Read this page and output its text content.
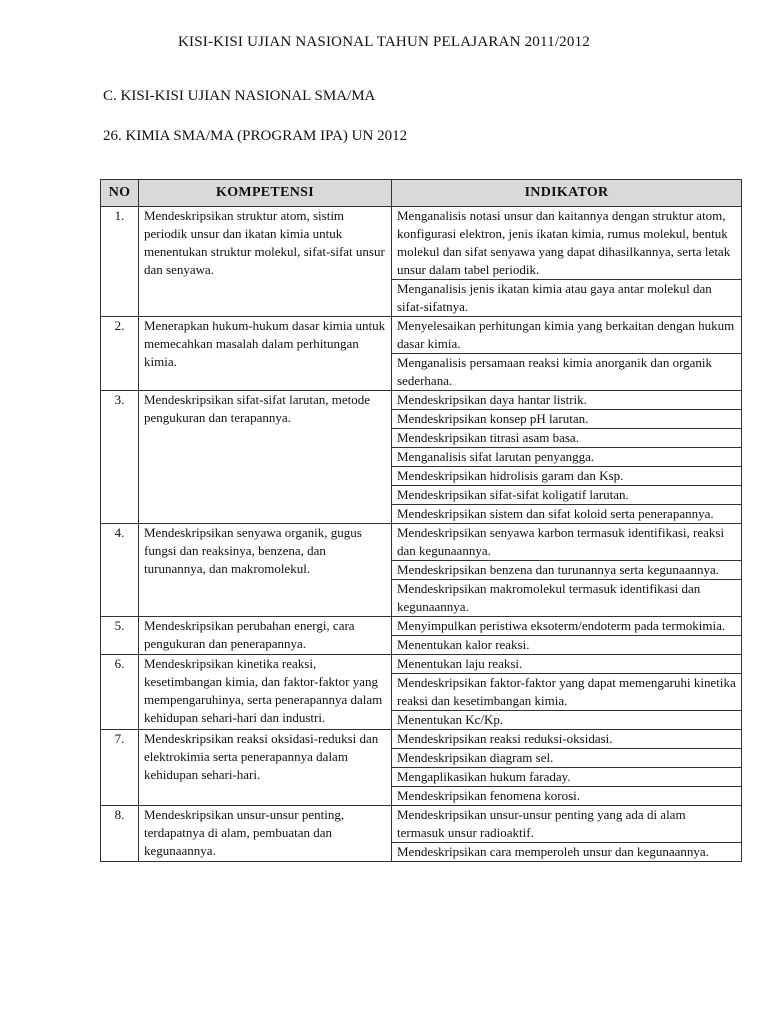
KISI-KISI UJIAN NASIONAL TAHUN PELAJARAN 2011/2012
C. KISI-KISI UJIAN NASIONAL SMA/MA
26. KIMIA SMA/MA (PROGRAM IPA) UN 2012
NO	KOMPETENSI	INDIKATOR
1.	Mendeskripsikan struktur atom, sistim periodik unsur dan ikatan kimia untuk menentukan struktur molekul, sifat-sifat unsur dan senyawa.	Menganalisis notasi unsur dan kaitannya dengan struktur atom, konfigurasi elektron, jenis ikatan kimia, rumus molekul, bentuk molekul dan sifat senyawa yang dapat dihasilkannya, serta letak unsur dalam tabel periodik.
		Menganalisis jenis ikatan kimia atau gaya antar molekul dan sifat-sifatnya.
2.	Menerapkan hukum-hukum dasar kimia untuk memecahkan masalah dalam perhitungan kimia.	Menyelesaikan perhitungan kimia yang berkaitan dengan hukum dasar kimia.
		Menganalisis persamaan reaksi kimia anorganik dan organik sederhana.
3.	Mendeskripsikan sifat-sifat larutan, metode pengukuran dan terapannya.	Mendeskripsikan daya hantar listrik.
		Mendeskripsikan konsep pH larutan.
		Mendeskripsikan titrasi asam basa.
		Menganalisis sifat larutan penyangga.
		Mendeskripsikan hidrolisis garam dan Ksp.
		Mendeskripsikan sifat-sifat koligatif larutan.
		Mendeskripsikan sistem dan sifat koloid serta penerapannya.
4.	Mendeskripsikan senyawa organik, gugus fungsi dan reaksinya, benzena, dan turunannya, dan makromolekul.	Mendeskripsikan senyawa karbon termasuk identifikasi, reaksi dan kegunaannya.
		Mendeskripsikan benzena dan turunannya serta kegunaannya.
		Mendeskripsikan makromolekul termasuk identifikasi dan kegunaannya.
5.	Mendeskripsikan perubahan energi, cara pengukuran dan penerapannya.	Menyimpulkan peristiwa eksoterm/endoterm pada termokimia.
		Menentukan kalor reaksi.
6.	Mendeskripsikan kinetika reaksi, kesetimbangan kimia, dan faktor-faktor yang mempengaruhinya, serta penerapannya dalam kehidupan sehari-hari dan industri.	Menentukan laju reaksi.
		Mendeskripsikan faktor-faktor yang dapat memengaruhi kinetika reaksi dan kesetimbangan kimia.
		Menentukan Kc/Kp.
7.	Mendeskripsikan reaksi oksidasi-reduksi dan elektrokimia serta penerapannya dalam kehidupan sehari-hari.	Mendeskripsikan reaksi reduksi-oksidasi.
		Mendeskripsikan diagram sel.
		Mengaplikasikan hukum faraday.
		Mendeskripsikan fenomena korosi.
8.	Mendeskripsikan unsur-unsur penting, terdapatnya di alam, pembuatan dan kegunaannya.	Mendeskripsikan unsur-unsur penting yang ada di alam termasuk unsur radioaktif.
		Mendeskripsikan cara memperoleh unsur dan kegunaannya.
